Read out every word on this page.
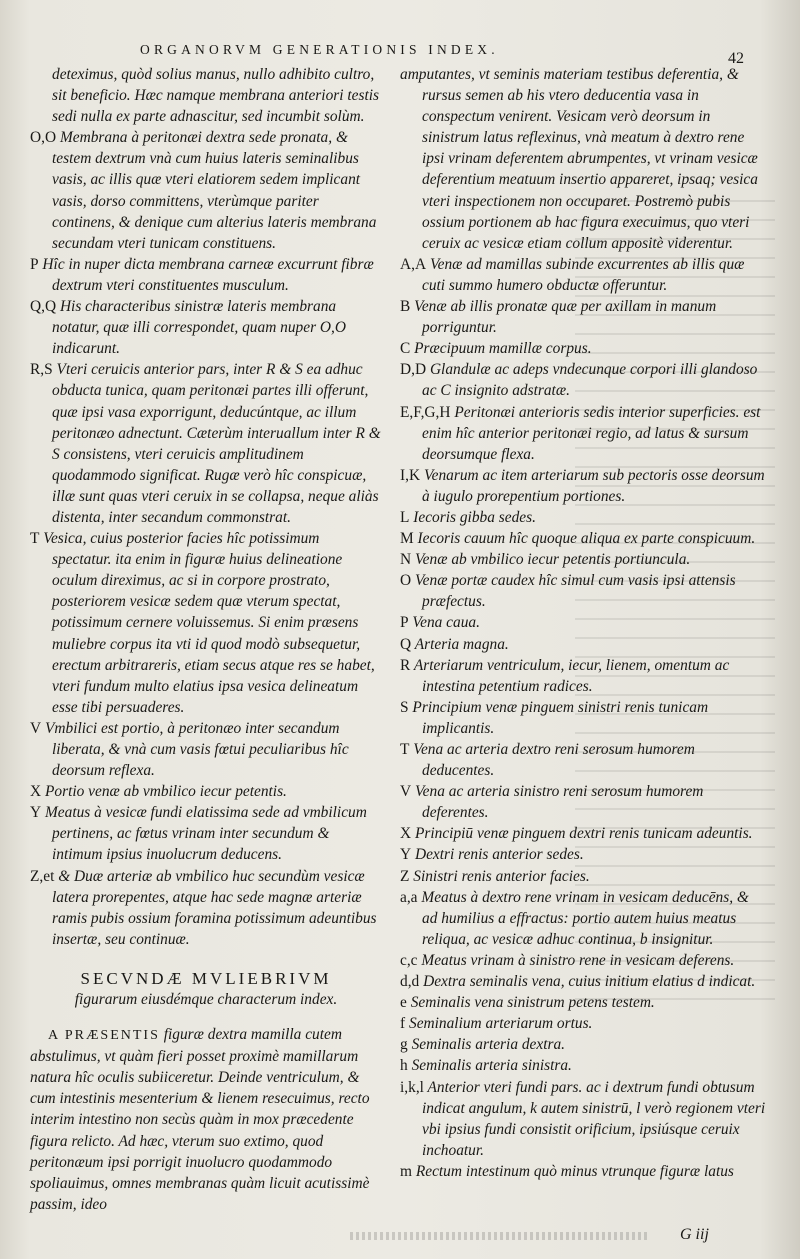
ORGANORVM GENERATIONIS INDEX.
42
deteximus, quòd solius manus, nullo adhibito cultro, sit beneficio. Hæc namque membrana anteriori testis sedi nulla ex parte adnascitur, sed incumbit solùm.
O,O Membrana à peritonæi dextra sede pronata, & testem dextrum vnà cum huius lateris seminalibus vasis, ac illis quæ vteri elatiorem sedem implicant vasis, dorso committens, vterùmque pariter continens, & denique cum alterius lateris membrana secundam vteri tunicam constituens.
P Hîc in nuper dicta membrana carneæ excurrunt fibræ dextrum vteri constituentes musculum.
Q,Q His characteribus sinistræ lateris membrana notatur, quæ illi correspondet, quam nuper O,O indicarunt.
R,S Vteri ceruicis anterior pars, inter R & S ea adhuc obducta tunica, quam peritonæi partes illi offerunt, quæ ipsi vasa exporrigunt, deducúntque, ac illum peritonæo adnectunt. Cæterùm interuallum inter R & S consistens, vteri ceruicis amplitudinem quodammodo significat. Rugæ verò hîc conspicuæ, illæ sunt quas vteri ceruix in se collapsa, neque aliàs distenta, inter secandum commonstrat.
T Vesica, cuius posterior facies hîc potissimum spectatur. ita enim in figuræ huius delineatione oculum direximus, ac si in corpore prostrato, posteriorem vesicæ sedem quæ vterum spectat, potissimum cernere voluissemus. Si enim præsens muliebre corpus ita vti id quod modò subsequetur, erectum arbitrareris, etiam secus atque res se habet, vteri fundum multo elatius ipsa vesica delineatum esse tibi persuaderes.
V Vmbilici est portio, à peritonæo inter secandum liberata, & vnà cum vasis fœtui peculiaribus hîc deorsum reflexa.
X Portio venæ ab vmbilico iecur petentis.
Y Meatus à vesicæ fundi elatissima sede ad vmbilicum pertinens, ac fœtus vrinam inter secundum & intimum ipsius inuolucrum deducens.
Z,et & Duæ arteriæ ab vmbilico huc secundùm vesicæ latera prorepentes, atque hac sede magnæ arteriæ ramis pubis ossium foramina potissimum adeuntibus insertæ, seu continuæ.
SECVNDÆ MVLIEBRIVM
figurarum eiusdémque characterum index.
A PRÆSENTIS figuræ dextra mamilla cutem abstulimus, vt quàm fieri posset proximè mamillarum natura hîc oculis subiiceretur. Deinde ventriculum, & cum intestinis mesenterium & lienem resecuimus, recto interim intestino non secùs quàm in mox præcedente figura relicto. Ad hæc, vterum suo extimo, quod peritonæum ipsi porrigit inuolucro quodammodo spoliauimus, omnes membranas quàm licuit acutissimè passim, ideo
amputantes, vt seminis materiam testibus deferentia, & rursus semen ab his vtero deducentia vasa in conspectum venirent. Vesicam verò deorsum in sinistrum latus reflexinus, vnà meatum à dextro rene ipsi vrinam deferentem abrumpentes, vt vrinam vesicæ deferentium meatuum insertio appareret, ipsaq; vesica vteri inspectionem non occuparet. Postremò pubis ossium portionem ab hac figura execuimus, quo vteri ceruix ac vesicæ etiam collum appositè viderentur.
A,A Venæ ad mamillas subinde excurrentes ab illis quæ cuti summo humero obductæ offeruntur.
B Venæ ab illis pronatæ quæ per axillam in manum porriguntur.
C Præcipuum mamillæ corpus.
D,D Glandulæ ac adeps vndecunque corpori illi glandoso ac C insignito adstratæ.
E,F,G,H Peritonæi anterioris sedis interior superficies. est enim hîc anterior peritonæi regio, ad latus & sursum deorsumque flexa.
I,K Venarum ac item arteriarum sub pectoris osse deorsum à iugulo prorepentium portiones.
L Iecoris gibba sedes.
M Iecoris cauum hîc quoque aliqua ex parte conspicuum.
N Venæ ab vmbilico iecur petentis portiuncula.
O Venæ portæ caudex hîc simul cum vasis ipsi attensis præfectus.
P Vena caua.
Q Arteria magna.
R Arteriarum ventriculum, iecur, lienem, omentum ac intestina petentium radices.
S Principium venæ pinguem sinistri renis tunicam implicantis.
T Vena ac arteria dextro reni serosum humorem deducentes.
V Vena ac arteria sinistro reni serosum humorem deferentes.
X Principiū venæ pinguem dextri renis tunicam adeuntis.
Y Dextri renis anterior sedes.
Z Sinistri renis anterior facies.
a,a Meatus à dextro rene vrinam in vesicam deducēns, & ad humilius a effractus: portio autem huius meatus reliqua, ac vesicæ adhuc continua, b insignitur.
c,c Meatus vrinam à sinistro rene in vesicam deferens.
d,d Dextra seminalis vena, cuius initium elatius d indicat.
e Seminalis vena sinistrum petens testem.
f Seminalium arteriarum ortus.
g Seminalis arteria dextra.
h Seminalis arteria sinistra.
i,k,l Anterior vteri fundi pars. ac i dextrum fundi obtusum indicat angulum, k autem sinistrū, l verò regionem vteri vbi ipsius fundi consistit orificium, ipsiúsque ceruix inchoatur.
m Rectum intestinum quò minus vtrunque figuræ latus
G iij
